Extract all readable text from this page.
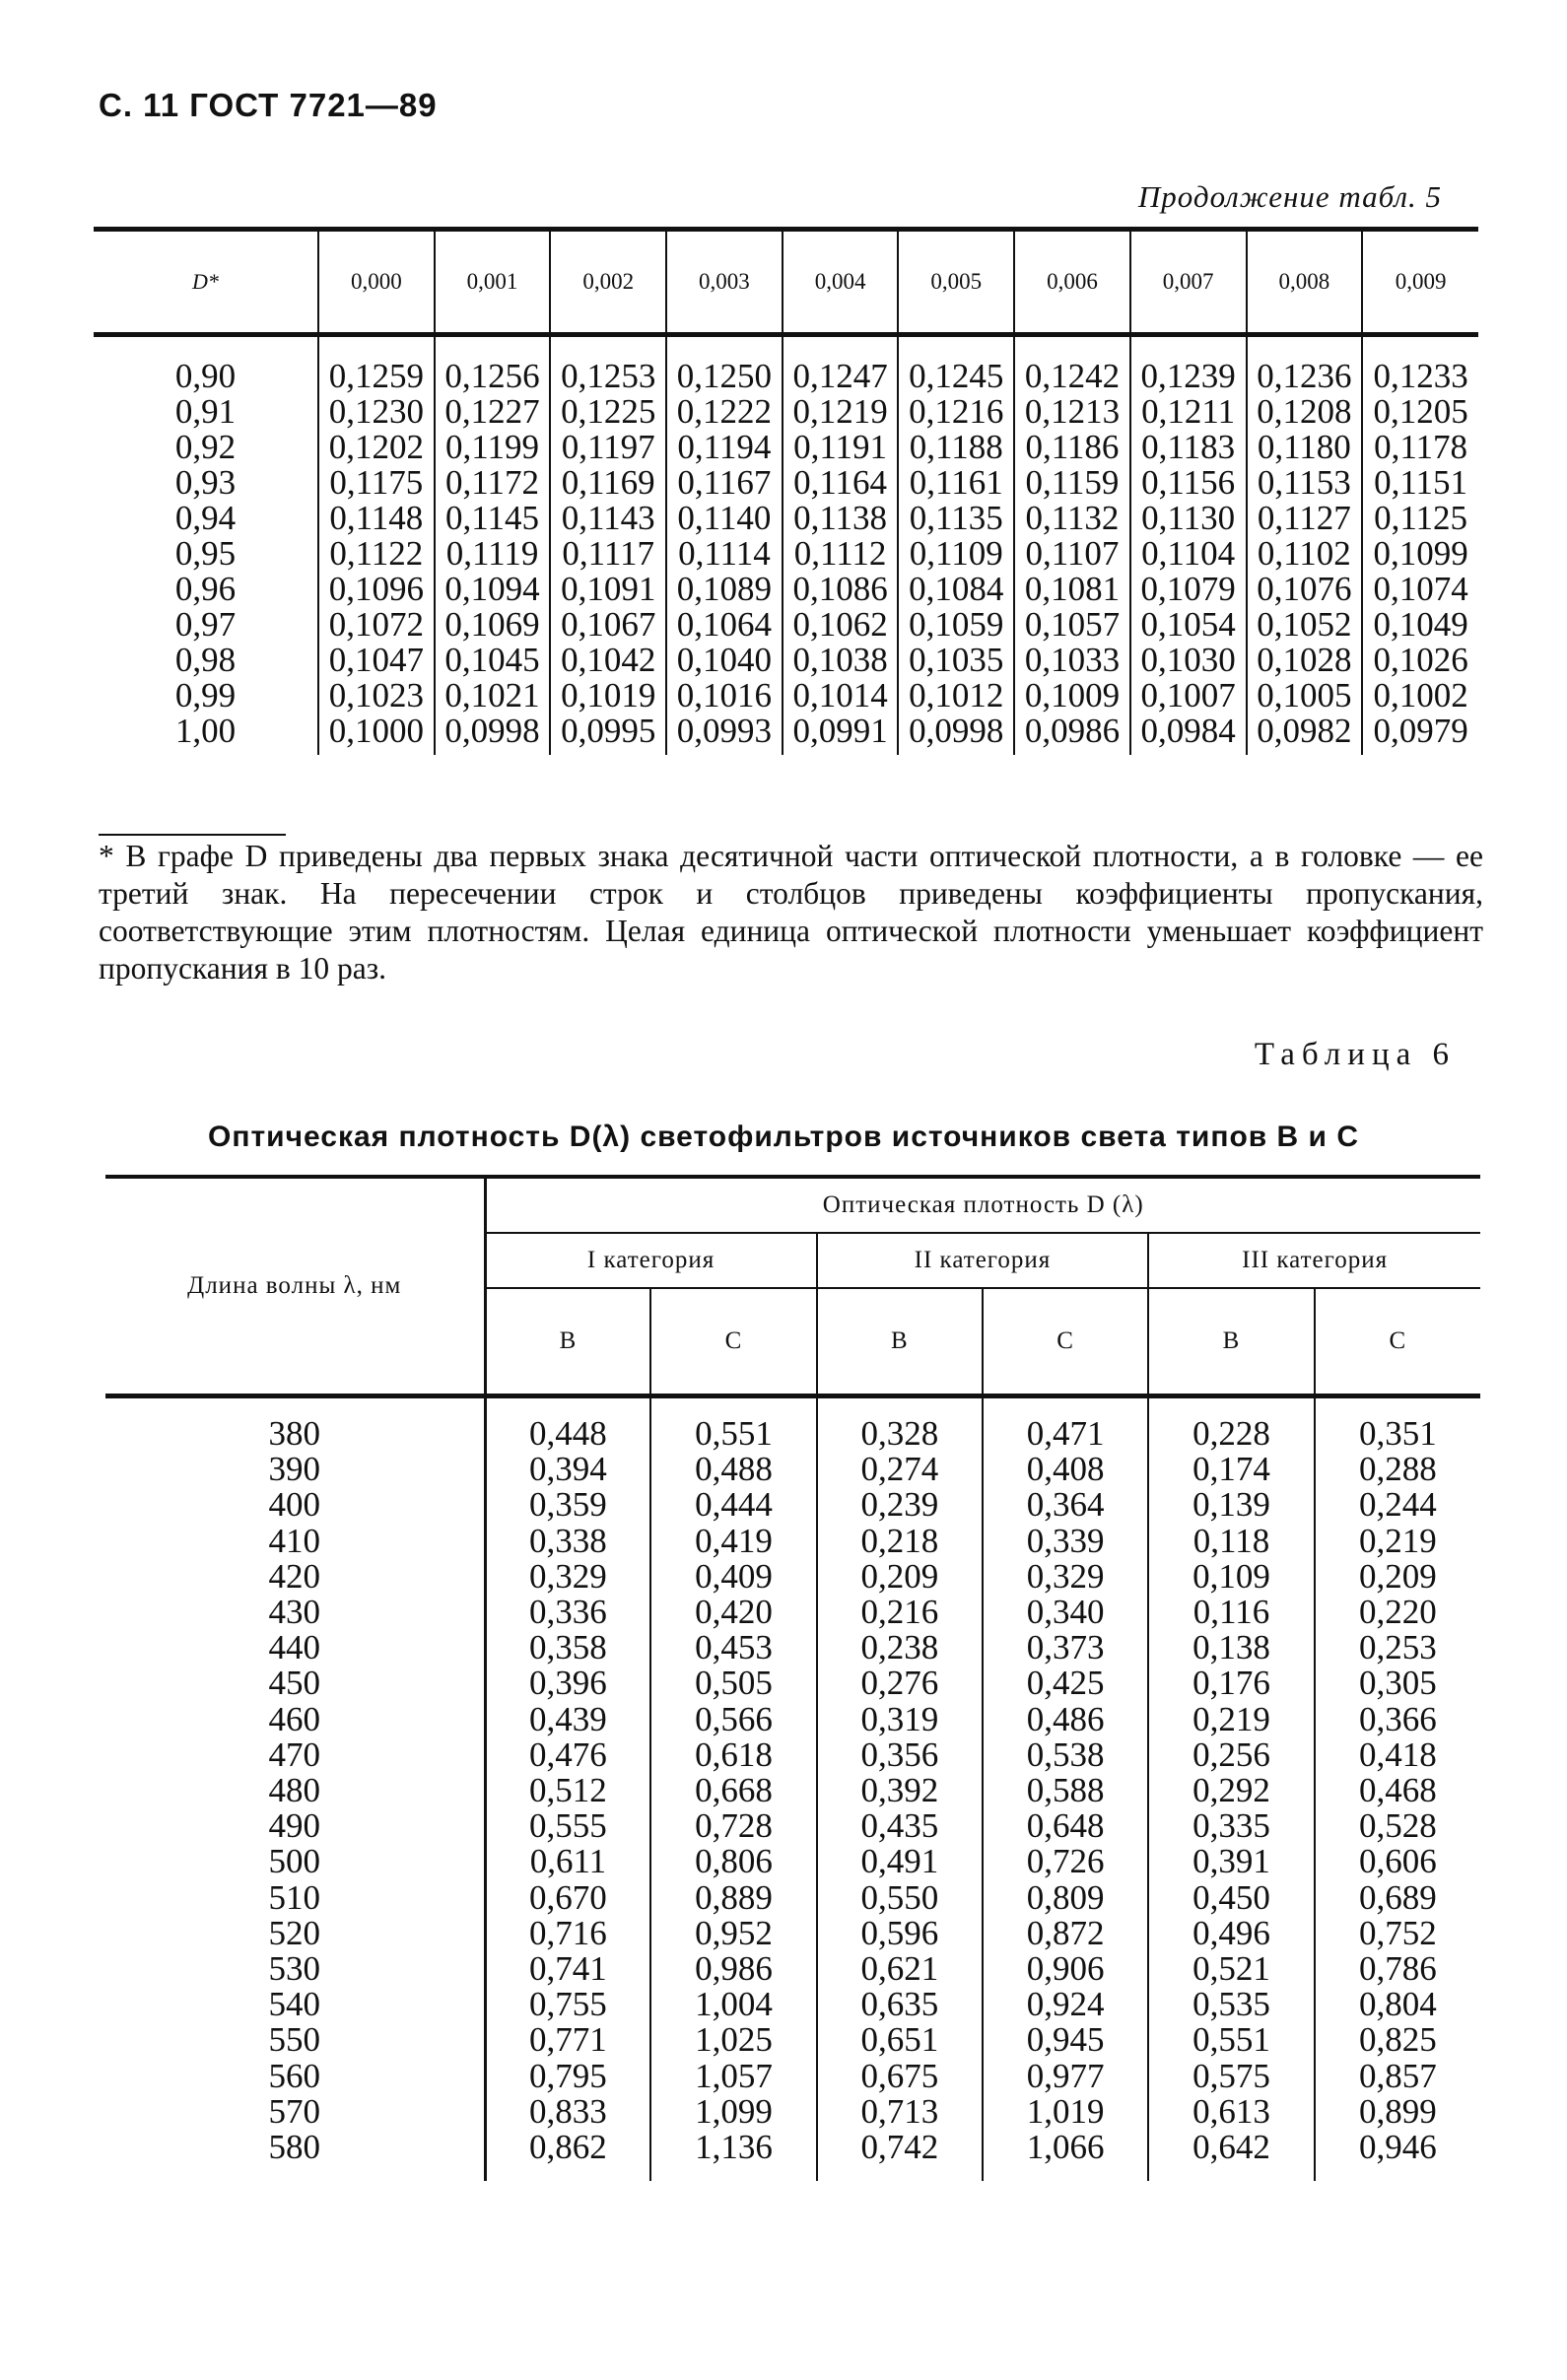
С. 11 ГОСТ 7721—89
Продолжение табл. 5
D*	0,000	0,001	0,002	0,003	0,004	0,005	0,006	0,007	0,008	0,009
0,90	0,1259	0,1256	0,1253	0,1250	0,1247	0,1245	0,1242	0,1239	0,1236	0,1233
0,91	0,1230	0,1227	0,1225	0,1222	0,1219	0,1216	0,1213	0,1211	0,1208	0,1205
0,92	0,1202	0,1199	0,1197	0,1194	0,1191	0,1188	0,1186	0,1183	0,1180	0,1178
0,93	0,1175	0,1172	0,1169	0,1167	0,1164	0,1161	0,1159	0,1156	0,1153	0,1151
0,94	0,1148	0,1145	0,1143	0,1140	0,1138	0,1135	0,1132	0,1130	0,1127	0,1125
0,95	0,1122	0,1119	0,1117	0,1114	0,1112	0,1109	0,1107	0,1104	0,1102	0,1099
0,96	0,1096	0,1094	0,1091	0,1089	0,1086	0,1084	0,1081	0,1079	0,1076	0,1074
0,97	0,1072	0,1069	0,1067	0,1064	0,1062	0,1059	0,1057	0,1054	0,1052	0,1049
0,98	0,1047	0,1045	0,1042	0,1040	0,1038	0,1035	0,1033	0,1030	0,1028	0,1026
0,99	0,1023	0,1021	0,1019	0,1016	0,1014	0,1012	0,1009	0,1007	0,1005	0,1002
1,00	0,1000	0,0998	0,0995	0,0993	0,0991	0,0998	0,0986	0,0984	0,0982	0,0979
* В графе D приведены два первых знака десятичной части оптической плотности, а в головке — ее третий знак. На пересечении строк и столбцов приведены коэффициенты пропускания, соответствующие этим плотностям. Целая единица оптической плотности уменьшает коэффициент пропускания в 10 раз.
Таблица 6
Оптическая плотность D(λ) светофильтров источников света типов В и С
Длина волны λ, нм	Оптическая плотность D (λ)					
	I категория		II категория		III категория	
	В	С	В	С	В	С
380	0,448	0,551	0,328	0,471	0,228	0,351
390	0,394	0,488	0,274	0,408	0,174	0,288
400	0,359	0,444	0,239	0,364	0,139	0,244
410	0,338	0,419	0,218	0,339	0,118	0,219
420	0,329	0,409	0,209	0,329	0,109	0,209
430	0,336	0,420	0,216	0,340	0,116	0,220
440	0,358	0,453	0,238	0,373	0,138	0,253
450	0,396	0,505	0,276	0,425	0,176	0,305
460	0,439	0,566	0,319	0,486	0,219	0,366
470	0,476	0,618	0,356	0,538	0,256	0,418
480	0,512	0,668	0,392	0,588	0,292	0,468
490	0,555	0,728	0,435	0,648	0,335	0,528
500	0,611	0,806	0,491	0,726	0,391	0,606
510	0,670	0,889	0,550	0,809	0,450	0,689
520	0,716	0,952	0,596	0,872	0,496	0,752
530	0,741	0,986	0,621	0,906	0,521	0,786
540	0,755	1,004	0,635	0,924	0,535	0,804
550	0,771	1,025	0,651	0,945	0,551	0,825
560	0,795	1,057	0,675	0,977	0,575	0,857
570	0,833	1,099	0,713	1,019	0,613	0,899
580	0,862	1,136	0,742	1,066	0,642	0,946
